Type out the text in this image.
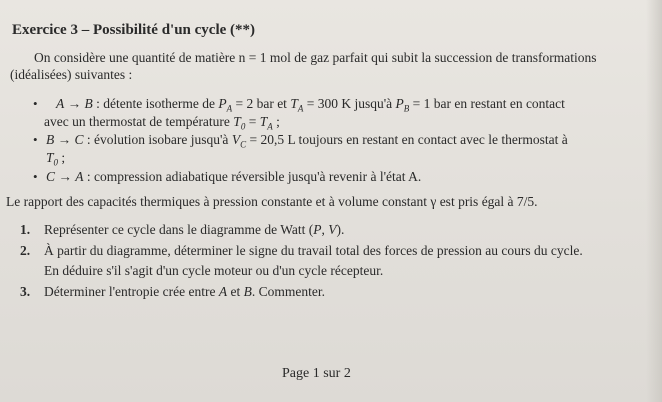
Exercice 3 – Possibilité d'un cycle (**)
On considère une quantité de matière n = 1 mol de gaz parfait qui subit la succession de transformations
(idéalisées) suivantes :
• A → B : détente isotherme de $P_A = 2$ bar et $T_A = 300$ K jusqu'à $P_B = 1$ bar en restant en contact
avec un thermostat de température $T_0 = T_A$ ;
• B → C : évolution isobare jusqu'à $V_C = 20,5$ L toujours en restant en contact avec le thermostat à
$T_0$ ;
• C → A : compression adiabatique réversible jusqu'à revenir à l'état A.
Le rapport des capacités thermiques à pression constante et à volume constant γ est pris égal à 7/5.
1. Représenter ce cycle dans le diagramme de Watt (P, V).
2. À partir du diagramme, déterminer le signe du travail total des forces de pression au cours du cycle.
En déduire s'il s'agit d'un cycle moteur ou d'un cycle récepteur.
3. Déterminer l'entropie crée entre A et B. Commenter.
Page 1 sur 2
